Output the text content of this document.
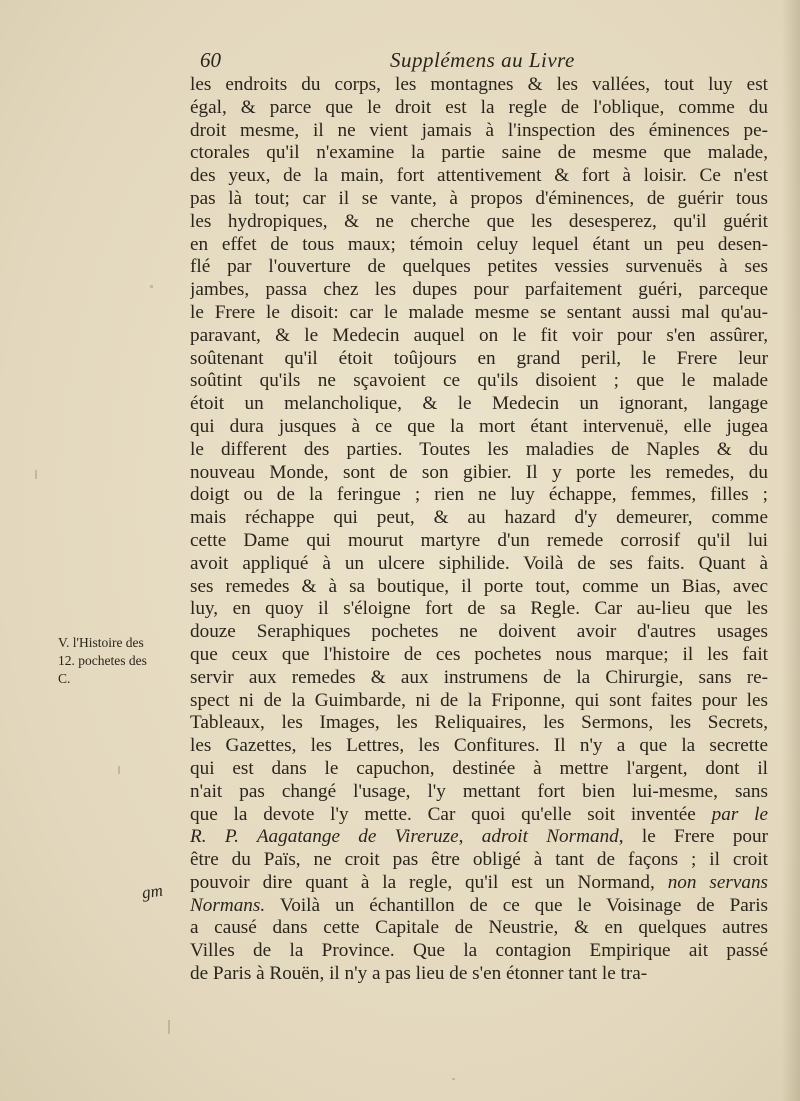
60	Supplémens au Livre
les endroits du corps, les montagnes & les vallées, tout luy est
égal, & parce que le droit est la regle de l'oblique, comme du
droit mesme, il ne vient jamais à l'inspection des éminences pe-
ctorales qu'il n'examine la partie saine de mesme que malade,
des yeux, de la main, fort attentivement & fort à loisir. Ce n'est
pas là tout; car il se vante, à propos d'éminences, de guérir tous
les hydropiques, & ne cherche que les desesperez, qu'il guérit
en effet de tous maux; témoin celuy lequel étant un peu desen-
flé par l'ouverture de quelques petites vessies survenuës à ses
jambes, passa chez les dupes pour parfaitement guéri, parceque
le Frere le disoit: car le malade mesme se sentant aussi mal qu'au-
paravant, & le Medecin auquel on le fit voir pour s'en assûrer,
soûtenant qu'il étoit toûjours en grand peril, le Frere leur
soûtint qu'ils ne sçavoient ce qu'ils disoient ; que le malade
étoit un melancholique, & le Medecin un ignorant, langage
qui dura jusques à ce que la mort étant intervenuë, elle jugea
le different des parties. Toutes les maladies de Naples & du
nouveau Monde, sont de son gibier. Il y porte les remedes, du
doigt ou de la feringue ; rien ne luy échappe, femmes, filles ;
mais réchappe qui peut, & au hazard d'y demeurer, comme
cette Dame qui mourut martyre d'un remede corrosif qu'il lui
avoit appliqué à un ulcere siphilide. Voilà de ses faits. Quant à
ses remedes & à sa boutique, il porte tout, comme un Bias, avec
luy, en quoy il s'éloigne fort de sa Regle. Car au-lieu que les
douze Seraphiques pochetes ne doivent avoir d'autres usages
que ceux que l'histoire de ces pochetes nous marque; il les fait
servir aux remedes & aux instrumens de la Chirurgie, sans re-
spect ni de la Guimbarde, ni de la Friponne, qui sont faites pour les
Tableaux, les Images, les Reliquaires, les Sermons, les Secrets,
les Gazettes, les Lettres, les Confitures. Il n'y a que la secrette
qui est dans le capuchon, destinée à mettre l'argent, dont il
n'ait pas changé l'usage, l'y mettant fort bien lui-mesme, sans
que la devote l'y mette. Car quoi qu'elle soit inventée par le
R. P. Aagatange de Vireruze, adroit Normand, le Frere pour
être du Païs, ne croit pas être obligé à tant de façons ; il croit
pouvoir dire quant à la regle, qu'il est un Normand, non servans
Normans. Voilà un échantillon de ce que le Voisinage de Paris
a causé dans cette Capitale de Neustrie, & en quelques autres
Villes de la Province. Que la contagion Empirique ait passé
de Paris à Rouën, il n'y a pas lieu de s'en étonner tant le tra-
V. l'Histoire des
12. pochetes des
C.
gm
